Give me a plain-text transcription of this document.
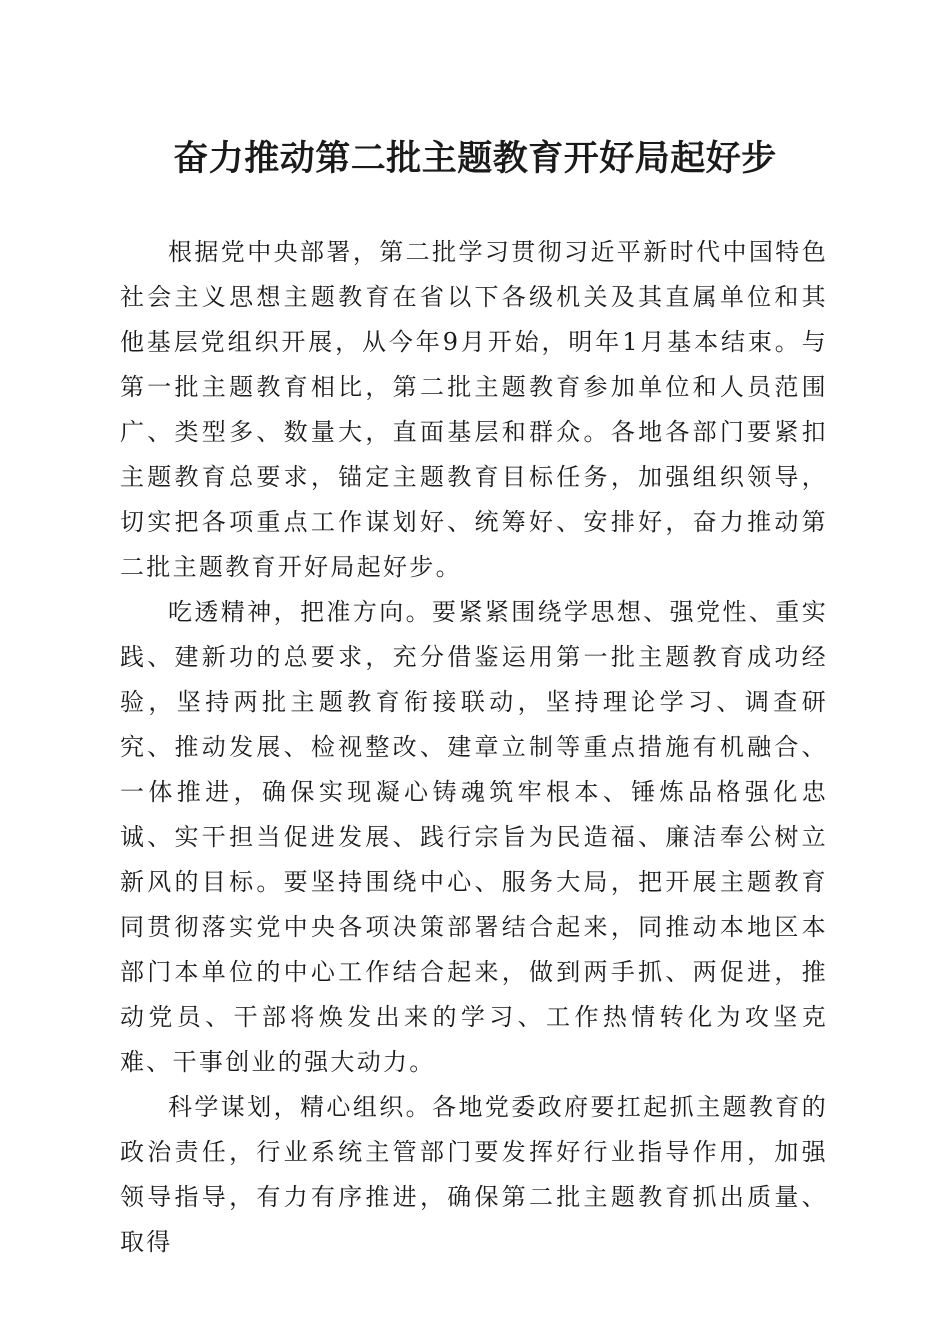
奋力推动第二批主题教育开好局起好步

根据党中央部署，第二批学习贯彻习近平新时代中国特色社会主义思想主题教育在省以下各级机关及其直属单位和其他基层党组织开展，从今年9月开始，明年1月基本结束。与第一批主题教育相比，第二批主题教育参加单位和人员范围广、类型多、数量大，直面基层和群众。各地各部门要紧扣主题教育总要求，锚定主题教育目标任务，加强组织领导，切实把各项重点工作谋划好、统筹好、安排好，奋力推动第二批主题教育开好局起好步。

吃透精神，把准方向。要紧紧围绕学思想、强党性、重实践、建新功的总要求，充分借鉴运用第一批主题教育成功经验，坚持两批主题教育衔接联动，坚持理论学习、调查研究、推动发展、检视整改、建章立制等重点措施有机融合、一体推进，确保实现凝心铸魂筑牢根本、锤炼品格强化忠诚、实干担当促进发展、践行宗旨为民造福、廉洁奉公树立新风的目标。要坚持围绕中心、服务大局，把开展主题教育同贯彻落实党中央各项决策部署结合起来，同推动本地区本部门本单位的中心工作结合起来，做到两手抓、两促进，推动党员、干部将焕发出来的学习、工作热情转化为攻坚克难、干事创业的强大动力。

科学谋划，精心组织。各地党委政府要扛起抓主题教育的政治责任，行业系统主管部门要发挥好行业指导作用，加强领导指导，有力有序推进，确保第二批主题教育抓出质量、取得
